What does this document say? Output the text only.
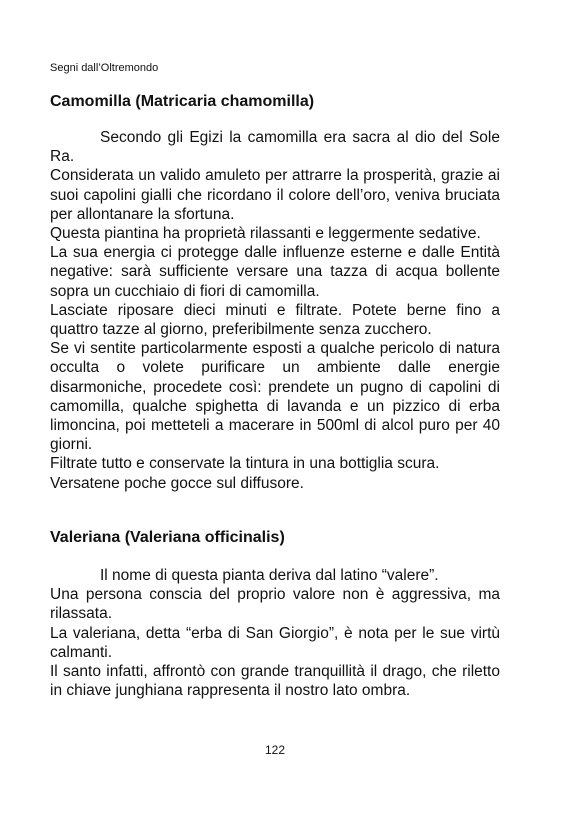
Segni dall’Oltremondo
Camomilla (Matricaria chamomilla)

Secondo gli Egizi la camomilla era sacra al dio del Sole Ra.

Considerata un valido amuleto per attrarre la prosperità, grazie ai suoi capolini gialli che ricordano il colore dell’oro, veniva bruciata per allontanare la sfortuna.

Questa piantina ha proprietà rilassanti e leggermente sedative.

La sua energia ci protegge dalle influenze esterne e dalle Entità negative: sarà sufficiente versare una tazza di acqua bollente sopra un cucchiaio di fiori di camomilla.

Lasciate riposare dieci minuti e filtrate. Potete berne fino a quattro tazze al giorno, preferibilmente senza zucchero.

Se vi sentite particolarmente esposti a qualche pericolo di natura occulta o volete purificare un ambiente dalle energie disarmoniche, procedete così: prendete un pugno di capolini di camomilla, qualche spighetta di lavanda e un pizzico di erba limoncina, poi metteteli a macerare in 500ml di alcol puro per 40 giorni.

Filtrate tutto e conservate la tintura in una bottiglia scura.

Versatene poche gocce sul diffusore.

Valeriana (Valeriana officinalis)

Il nome di questa pianta deriva dal latino “valere”.

Una persona conscia del proprio valore non è aggressiva, ma rilassata.

La valeriana, detta “erba di San Giorgio”, è nota per le sue virtù calmanti.

Il santo infatti, affrontò con grande tranquillità il drago, che riletto in chiave junghiana rappresenta il nostro lato ombra.

122
